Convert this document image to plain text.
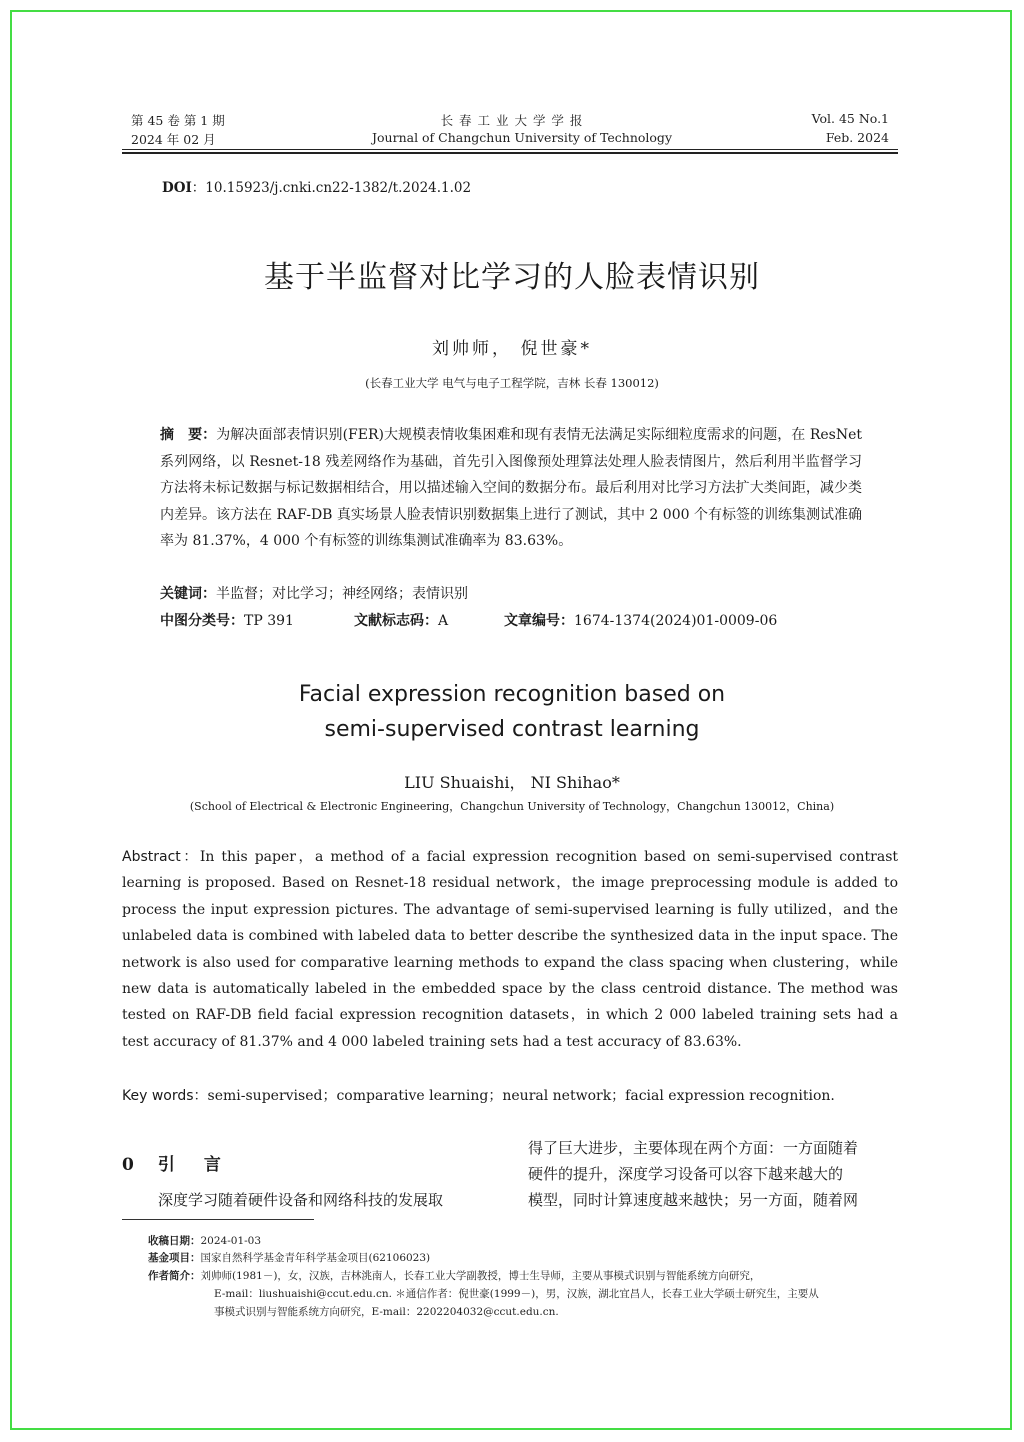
第 45 卷 第 1 期
2024 年 02 月
长 春 工 业 大 学 学 报
Journal of Changchun University of Technology
Vol. 45 No.1
Feb. 2024
DOI：10.15923/j.cnki.cn22-1382/t.2024.1.02
基于半监督对比学习的人脸表情识别
刘帅师， 倪世豪*
(长春工业大学 电气与电子工程学院，吉林 长春 130012)
摘　要：为解决面部表情识别(FER)大规模表情收集困难和现有表情无法满足实际细粒度需求的问题，在 ResNet 系列网络，以 Resnet-18 残差网络作为基础，首先引入图像预处理算法处理人脸表情图片，然后利用半监督学习方法将未标记数据与标记数据相结合，用以描述输入空间的数据分布。最后利用对比学习方法扩大类间距，减少类内差异。该方法在 RAF-DB 真实场景人脸表情识别数据集上进行了测试，其中 2 000 个有标签的训练集测试准确率为 81.37%，4 000 个有标签的训练集测试准确率为 83.63%。
关键词：半监督；对比学习；神经网络；表情识别
中图分类号：TP 391	文献标志码：A	文章编号：1674-1374(2024)01-0009-06
Facial expression recognition based on
semi-supervised contrast learning
LIU Shuaishi， NI Shihao*
(School of Electrical & Electronic Engineering，Changchun University of Technology，Changchun 130012，China)
Abstract：In this paper，a method of a facial expression recognition based on semi-supervised contrast learning is proposed. Based on Resnet-18 residual network，the image preprocessing module is added to process the input expression pictures. The advantage of semi-supervised learning is fully utilized，and the unlabeled data is combined with labeled data to better describe the synthesized data in the input space. The network is also used for comparative learning methods to expand the class spacing when clustering，while new data is automatically labeled in the embedded space by the class centroid distance. The method was tested on RAF-DB field facial expression recognition datasets，in which 2 000 labeled training sets had a test accuracy of 81.37% and 4 000 labeled training sets had a test accuracy of 83.63%.
Key words：semi-supervised；comparative learning；neural network；facial expression recognition.
0 引　言
深度学习随着硬件设备和网络科技的发展取
得了巨大进步，主要体现在两个方面：一方面随着
硬件的提升，深度学习设备可以容下越来越大的
模型，同时计算速度越来越快；另一方面，随着网
收稿日期：2024-01-03
基金项目：国家自然科学基金青年科学基金项目(62106023)
作者简介：刘帅师(1981－)，女，汉族，吉林洮南人，长春工业大学副教授，博士生导师，主要从事模式识别与智能系统方向研究，
E-mail：liushuaishi@ccut.edu.cn. ＊通信作者：倪世豪(1999－)，男，汉族，湖北宜昌人，长春工业大学硕士研究生，主要从
事模式识别与智能系统方向研究，E-mail：2202204032@ccut.edu.cn.
